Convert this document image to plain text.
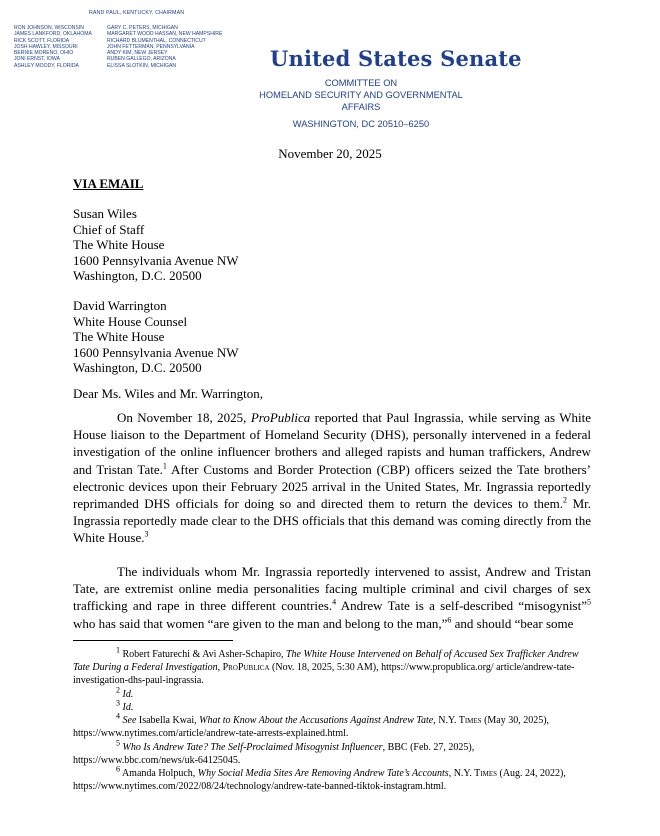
RAND PAUL, KENTUCKY, CHAIRMAN
RON JOHNSON, WISCONSIN
JAMES LANKFORD, OKLAHOMA
RICK SCOTT, FLORIDA
JOSH HAWLEY, MISSOURI
BERNIE MORENO, OHIO
JONI ERNST, IOWA
ASHLEY MOODY, FLORIDA
GARY C. PETERS, MICHIGAN
MARGARET WOOD HASSAN, NEW HAMPSHIRE
RICHARD BLUMENTHAL, CONNECTICUT
JOHN FETTERMAN, PENNSYLVANIA
ANDY KIM, NEW JERSEY
RUBEN GALLEGO, ARIZONA
ELISSA SLOTKIN, MICHIGAN	United States Senate
COMMITTEE ON
HOMELAND SECURITY AND GOVERNMENTAL AFFAIRS
WASHINGTON, DC 20510–6250
November 20, 2025
VIA EMAIL
Susan Wiles
Chief of Staff
The White House
1600 Pennsylvania Avenue NW
Washington, D.C. 20500
David Warrington
White House Counsel
The White House
1600 Pennsylvania Avenue NW
Washington, D.C. 20500
Dear Ms. Wiles and Mr. Warrington,
On November 18, 2025, ProPublica reported that Paul Ingrassia, while serving as White House liaison to the Department of Homeland Security (DHS), personally intervened in a federal investigation of the online influencer brothers and alleged rapists and human traffickers, Andrew and Tristan Tate.$^1$ After Customs and Border Protection (CBP) officers seized the Tate brothers’ electronic devices upon their February 2025 arrival in the United States, Mr. Ingrassia reportedly reprimanded DHS officials for doing so and directed them to return the devices to them.$^2$ Mr. Ingrassia reportedly made clear to the DHS officials that this demand was coming directly from the White House.$^3$
The individuals whom Mr. Ingrassia reportedly intervened to assist, Andrew and Tristan Tate, are extremist online media personalities facing multiple criminal and civil charges of sex trafficking and rape in three different countries.$^4$ Andrew Tate is a self-described “misogynist”$^5$ who has said that women “are given to the man and belong to the man,”$^6$ and should “bear some
$^1$ Robert Faturechi & Avi Asher-Schapiro, The White House Intervened on Behalf of Accused Sex Trafficker Andrew Tate During a Federal Investigation, ProPublica (Nov. 18, 2025, 5:30 AM), https://www.propublica.org/ article/andrew-tate-investigation-dhs-paul-ingrassia.
$^2$ Id.
$^3$ Id.
$^4$ See Isabella Kwai, What to Know About the Accusations Against Andrew Tate, N.Y. Times (May 30, 2025), https://www.nytimes.com/article/andrew-tate-arrests-explained.html.
$^5$ Who Is Andrew Tate? The Self-Proclaimed Misogynist Influencer, BBC (Feb. 27, 2025), https://www.bbc.com/news/uk-64125045.
$^6$ Amanda Holpuch, Why Social Media Sites Are Removing Andrew Tate’s Accounts, N.Y. Times (Aug. 24, 2022), https://www.nytimes.com/2022/08/24/technology/andrew-tate-banned-tiktok-instagram.html.
